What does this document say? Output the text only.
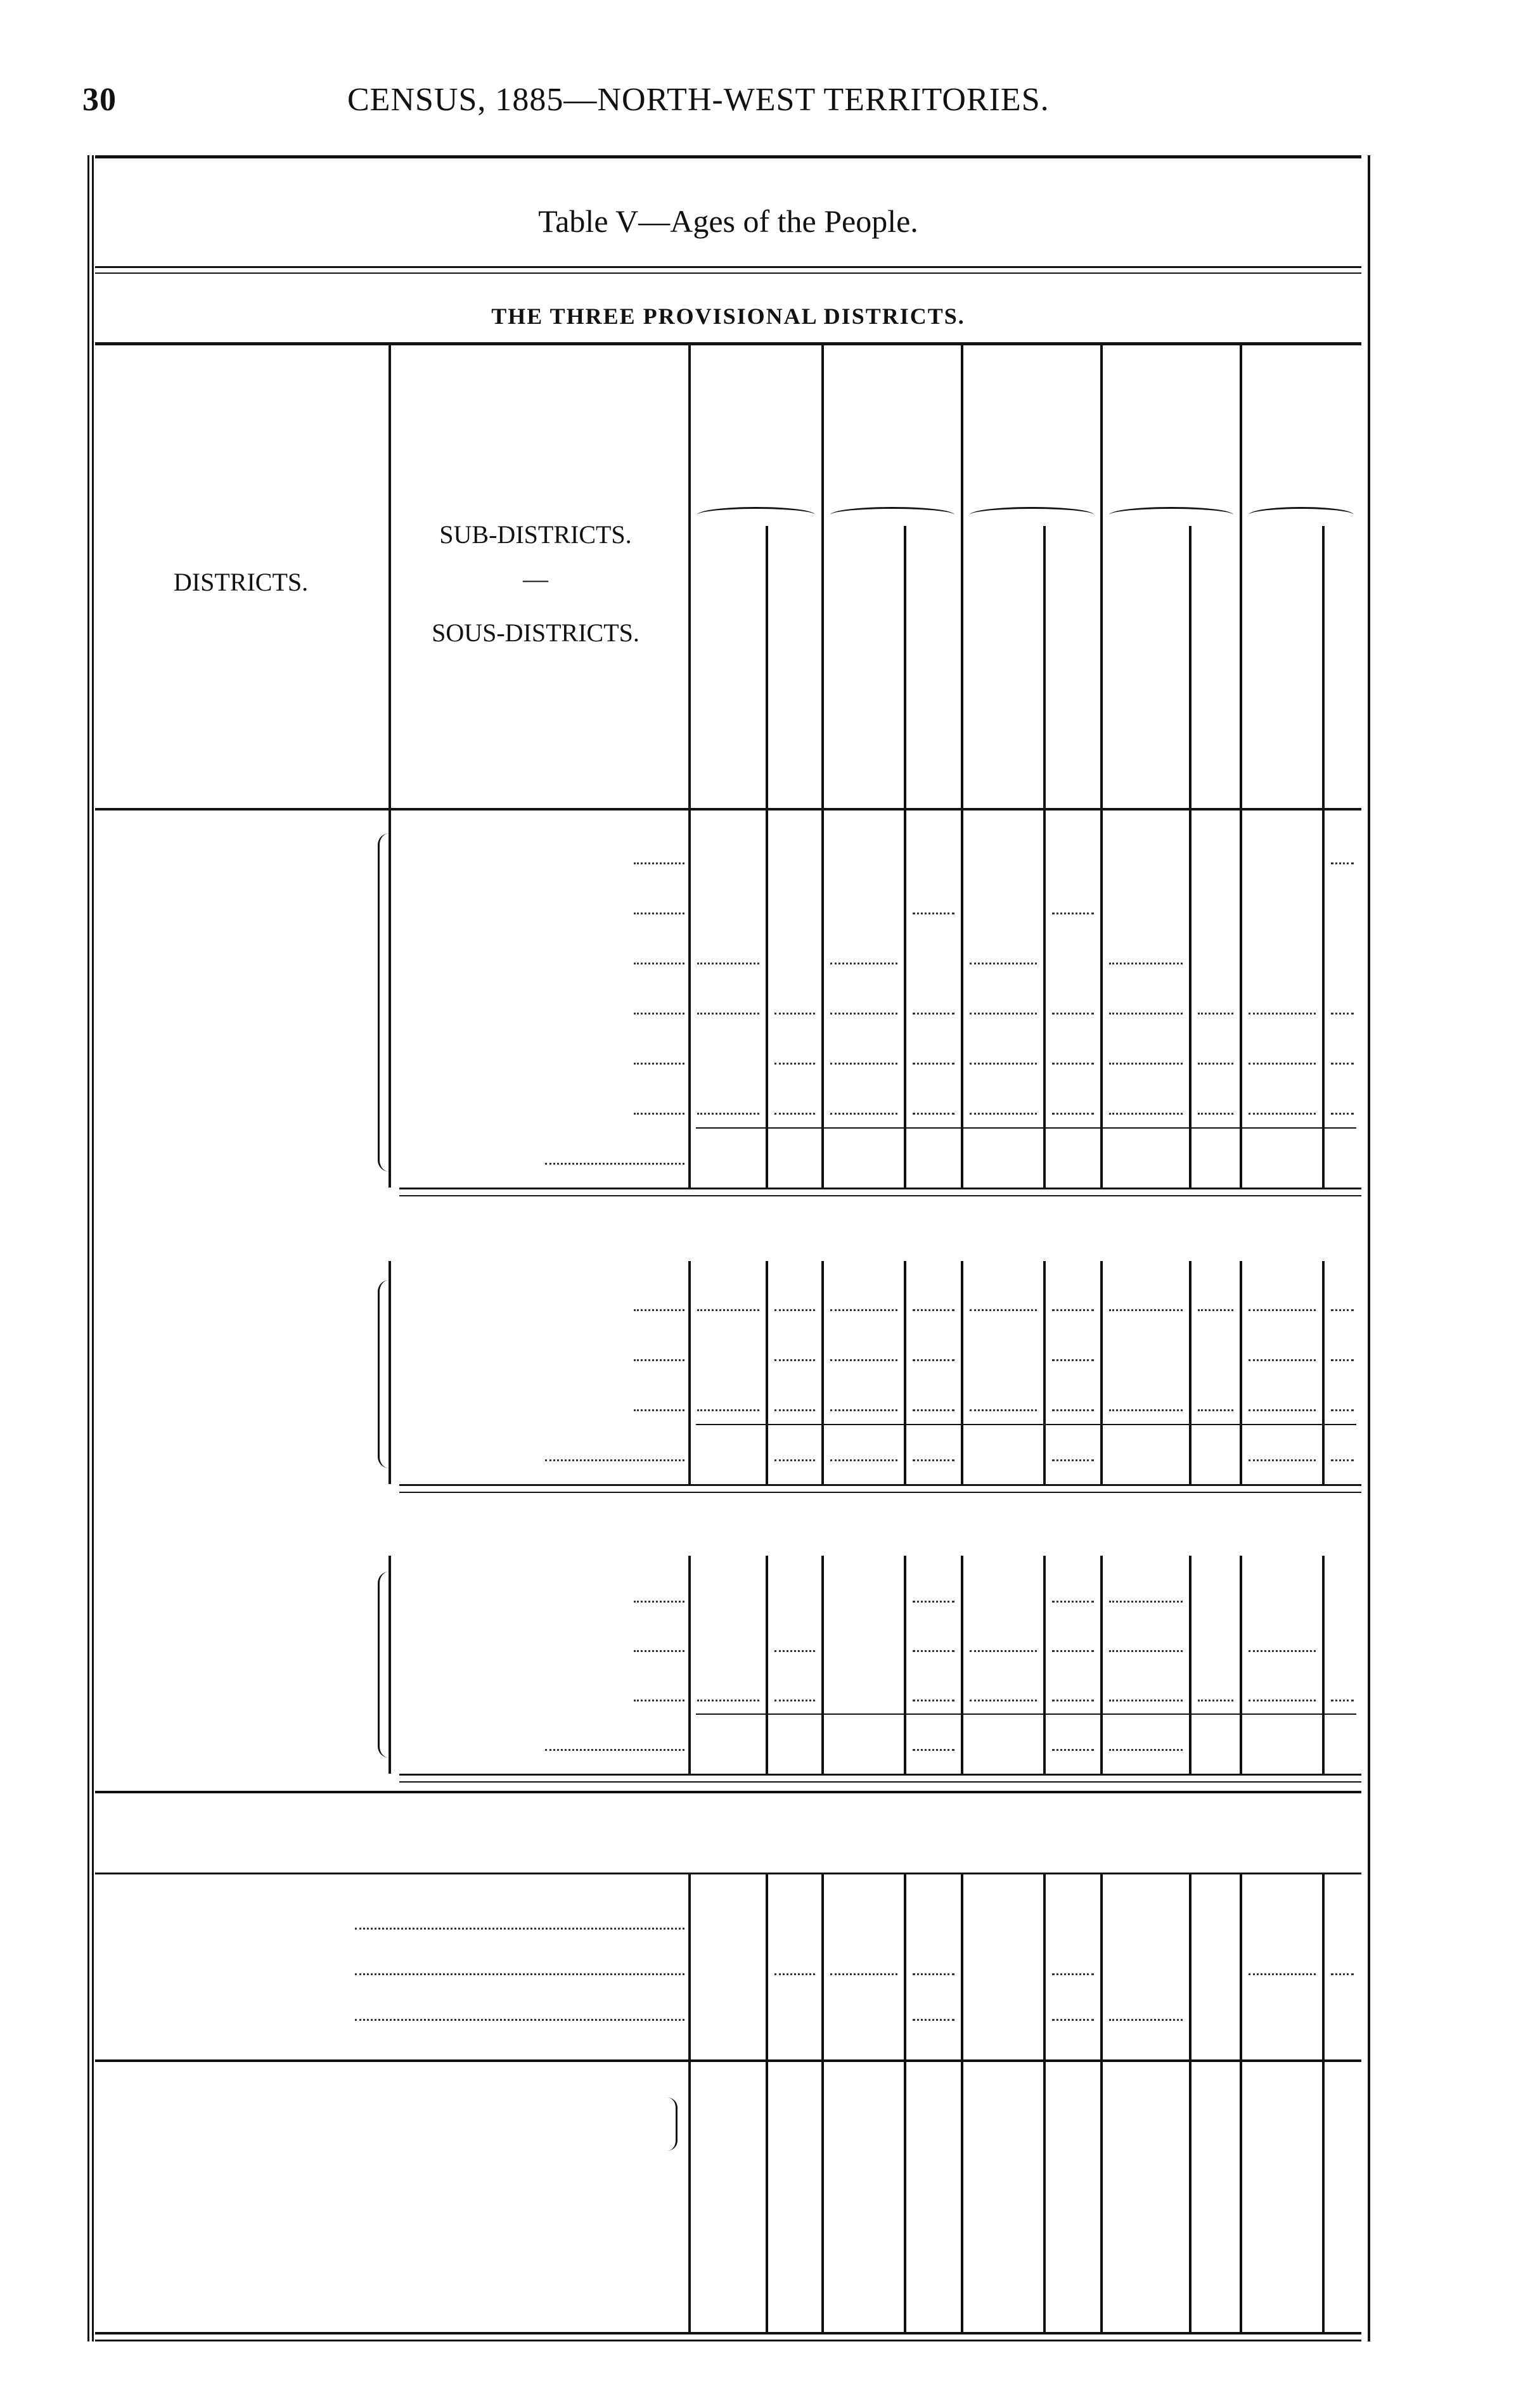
30	CENSUS, 1885—NORTH-WEST TERRITORIES.
Table V—Ages of the People.
THE THREE PROVISIONAL DISTRICTS.
DISTRICTS.
SUB-DISTRICTS.
—
SOUS-DISTRICTS.
